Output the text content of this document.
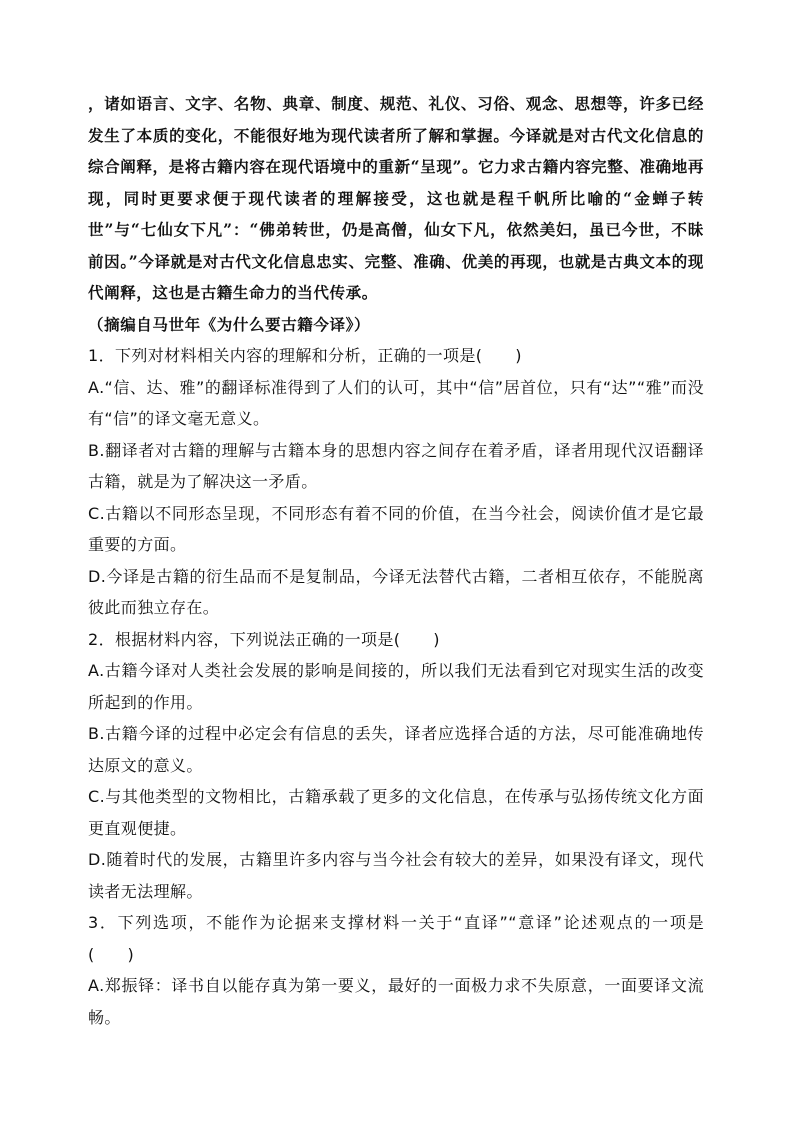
，诸如语言、文字、名物、典章、制度、规范、礼仪、习俗、观念、思想等，许多已经发生了本质的变化，不能很好地为现代读者所了解和掌握。今译就是对古代文化信息的综合阐释，是将古籍内容在现代语境中的重新“呈现”。它力求古籍内容完整、准确地再现，同时更要求便于现代读者的理解接受，这也就是程千帆所比喻的“金蝉子转世”与“七仙女下凡”：“佛弟转世，仍是高僧，仙女下凡，依然美妇，虽已今世，不昧前因。”今译就是对古代文化信息忠实、完整、准确、优美的再现，也就是古典文本的现代阐释，这也是古籍生命力的当代传承。

（摘编自马世年《为什么要古籍今译》）

1．下列对材料相关内容的理解和分析，正确的一项是(　　)

A.“信、达、雅”的翻译标准得到了人们的认可，其中“信”居首位，只有“达”“雅”而没有“信”的译文毫无意义。

B.翻译者对古籍的理解与古籍本身的思想内容之间存在着矛盾，译者用现代汉语翻译古籍，就是为了解决这一矛盾。

C.古籍以不同形态呈现，不同形态有着不同的价值，在当今社会，阅读价值才是它最重要的方面。

D.今译是古籍的衍生品而不是复制品，今译无法替代古籍，二者相互依存，不能脱离彼此而独立存在。

2．根据材料内容，下列说法正确的一项是(　　)

A.古籍今译对人类社会发展的影响是间接的，所以我们无法看到它对现实生活的改变所起到的作用。

B.古籍今译的过程中必定会有信息的丢失，译者应选择合适的方法，尽可能准确地传达原文的意义。

C.与其他类型的文物相比，古籍承载了更多的文化信息，在传承与弘扬传统文化方面更直观便捷。

D.随着时代的发展，古籍里许多内容与当今社会有较大的差异，如果没有译文，现代读者无法理解。

3．下列选项，不能作为论据来支撑材料一关于“直译”“意译”论述观点的一项是(　　)

A.郑振铎：译书自以能存真为第一要义，最好的一面极力求不失原意，一面要译文流畅。
